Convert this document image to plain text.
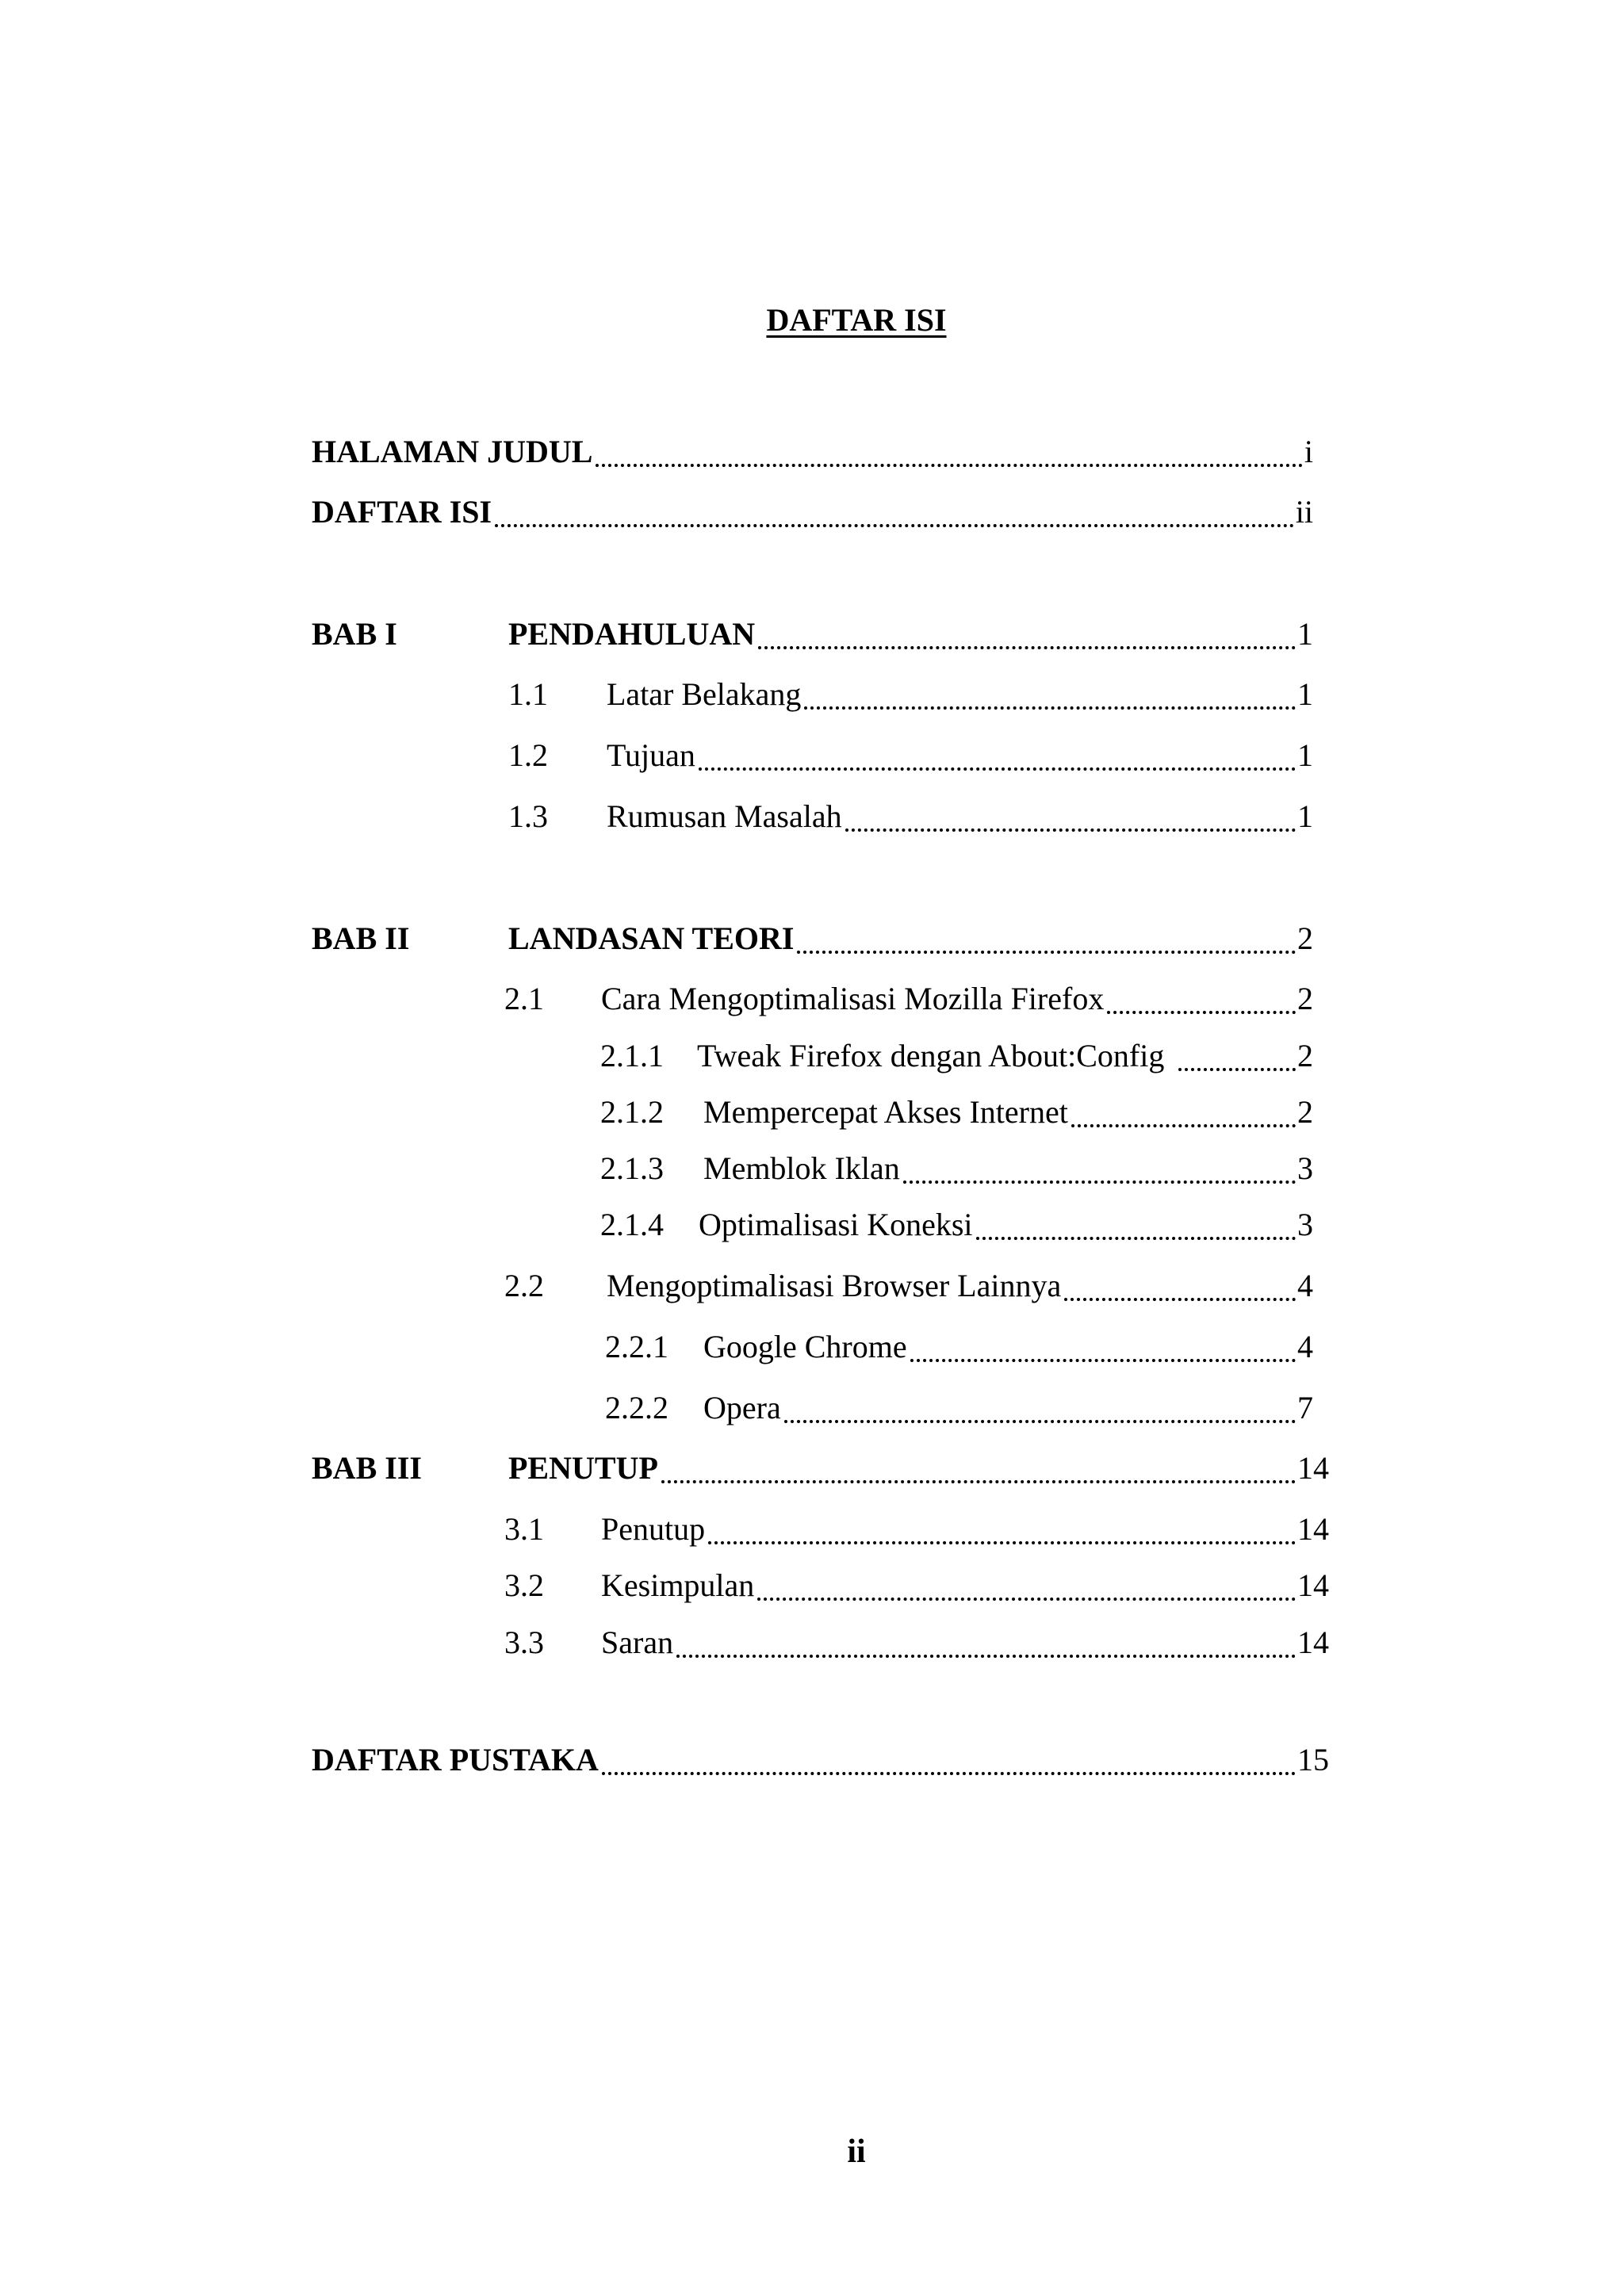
DAFTAR ISI
HALAMAN JUDUL	i
DAFTAR ISI	ii
BAB I	PENDAHULUAN	1
1.1	Latar Belakang	1
1.2	Tujuan	1
1.3	Rumusan Masalah	1
BAB II	LANDASAN TEORI	2
2.1	Cara Mengoptimalisasi Mozilla Firefox	2
2.1.1	Tweak Firefox dengan About:Config	2
2.1.2	Mempercepat Akses Internet	2
2.1.3	Memblok Iklan	3
2.1.4	Optimalisasi Koneksi	3
2.2	Mengoptimalisasi Browser Lainnya	4
2.2.1	Google Chrome	4
2.2.2	Opera	7
BAB III	PENUTUP	14
3.1	Penutup	14
3.2	Kesimpulan	14
3.3	Saran	14
DAFTAR PUSTAKA	15
ii
